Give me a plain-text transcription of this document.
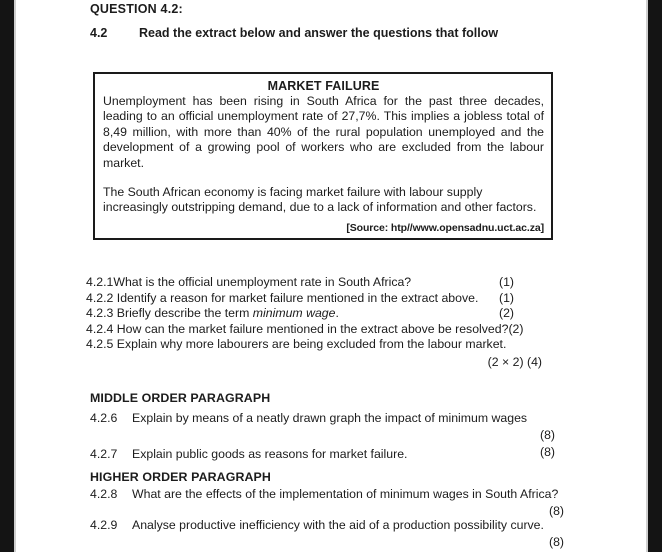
QUESTION 4.2:
4.2	Read the extract below and answer the questions that follow
MARKET FAILURE

Unemployment has been rising in South Africa for the past three decades, leading to an official unemployment rate of 27,7%. This implies a jobless total of 8,49 million, with more than 40% of the rural population unemployed and the development of a growing pool of workers who are excluded from the labour market.

The South African economy is facing market failure with labour supply increasingly outstripping demand, due to a lack of information and other factors.

[Source: htp//www.opensadnu.uct.ac.za]
4.2.1What is the official unemployment rate in South Africa?	(1)
4.2.2 Identify a reason for market failure mentioned in the extract above. (1)
4.2.3 Briefly describe the term minimum wage.	(2)
4.2.4 How can the market failure mentioned in the extract above be resolved?(2)
4.2.5 Explain why more labourers are being excluded from the labour market.
(2 × 2) (4)
MIDDLE ORDER PARAGRAPH
4.2.6 Explain by means of a neatly drawn graph the impact of minimum wages
(8)
4.2.7 Explain public goods as reasons for market failure.	(8)
HIGHER ORDER PARAGRAPH
4.2.8 What are the effects of the implementation of minimum wages in South Africa?
(8)
4.2.9 Analyse productive inefficiency with the aid of a production possibility curve.
(8)
